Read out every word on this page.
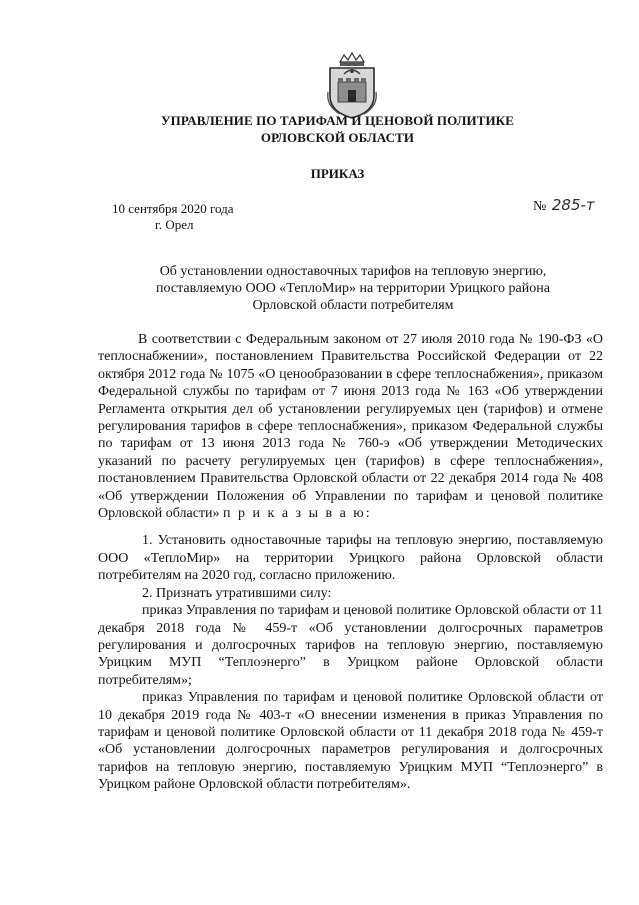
УПРАВЛЕНИЕ ПО ТАРИФАМ И ЦЕНОВОЙ ПОЛИТИКЕ
ОРЛОВСКОЙ ОБЛАСТИ
ПРИКАЗ
10 сентября 2020 года
г. Орел
№ 285-т
Об установлении одноставочных тарифов на тепловую энергию,
поставляемую ООО «ТеплоМир» на территории Урицкого района
Орловской области потребителям

В соответствии с Федеральным законом от 27 июля 2010 года № 190-ФЗ «О теплоснабжении», постановлением Правительства Российской Федерации от 22 октября 2012 года № 1075 «О ценообразовании в сфере теплоснабжения», приказом Федеральной службы по тарифам от 7 июня 2013 года № 163 «Об утверждении Регламента открытия дел об установлении регулируемых цен (тарифов) и отмене регулирования тарифов в сфере теплоснабжения», приказом Федеральной службы по тарифам от 13 июня 2013 года № 760-э «Об утверждении Методических указаний по расчету регулируемых цен (тарифов) в сфере теплоснабжения», постановлением Правительства Орловской области от 22 декабря 2014 года № 408 «Об утверждении Положения об Управлении по тарифам и ценовой политике Орловской области» п р и к а з ы в а ю:

1. Установить одноставочные тарифы на тепловую энергию, поставляемую ООО «ТеплоМир» на территории Урицкого района Орловской области потребителям на 2020 год, согласно приложению.

2. Признать утратившими силу:

приказ Управления по тарифам и ценовой политике Орловской области от 11 декабря 2018 года № 459-т «Об установлении долгосрочных параметров регулирования и долгосрочных тарифов на тепловую энергию, поставляемую Урицким МУП “Теплоэнерго” в Урицком районе Орловской области потребителям»;

приказ Управления по тарифам и ценовой политике Орловской области от 10 декабря 2019 года № 403-т «О внесении изменения в приказ Управления по тарифам и ценовой политике Орловской области от 11 декабря 2018 года № 459-т «Об установлении долгосрочных параметров регулирования и долгосрочных тарифов на тепловую энергию, поставляемую Урицким МУП “Теплоэнерго” в Урицком районе Орловской области потребителям».
